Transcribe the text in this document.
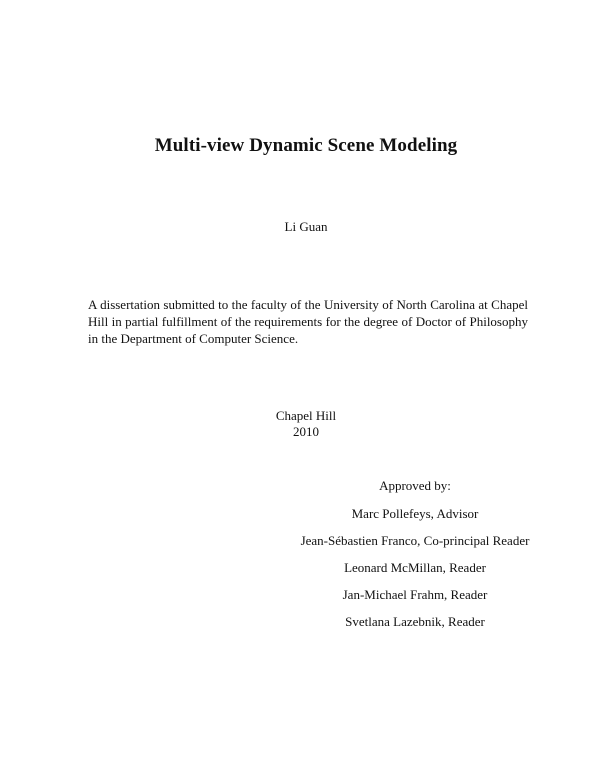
Multi-view Dynamic Scene Modeling
Li Guan
A dissertation submitted to the faculty of the University of North Carolina at Chapel Hill in partial fulfillment of the requirements for the degree of Doctor of Philosophy in the Department of Computer Science.
Chapel Hill
2010
Approved by:
Marc Pollefeys, Advisor
Jean-Sébastien Franco, Co-principal Reader
Leonard McMillan, Reader
Jan-Michael Frahm, Reader
Svetlana Lazebnik, Reader
